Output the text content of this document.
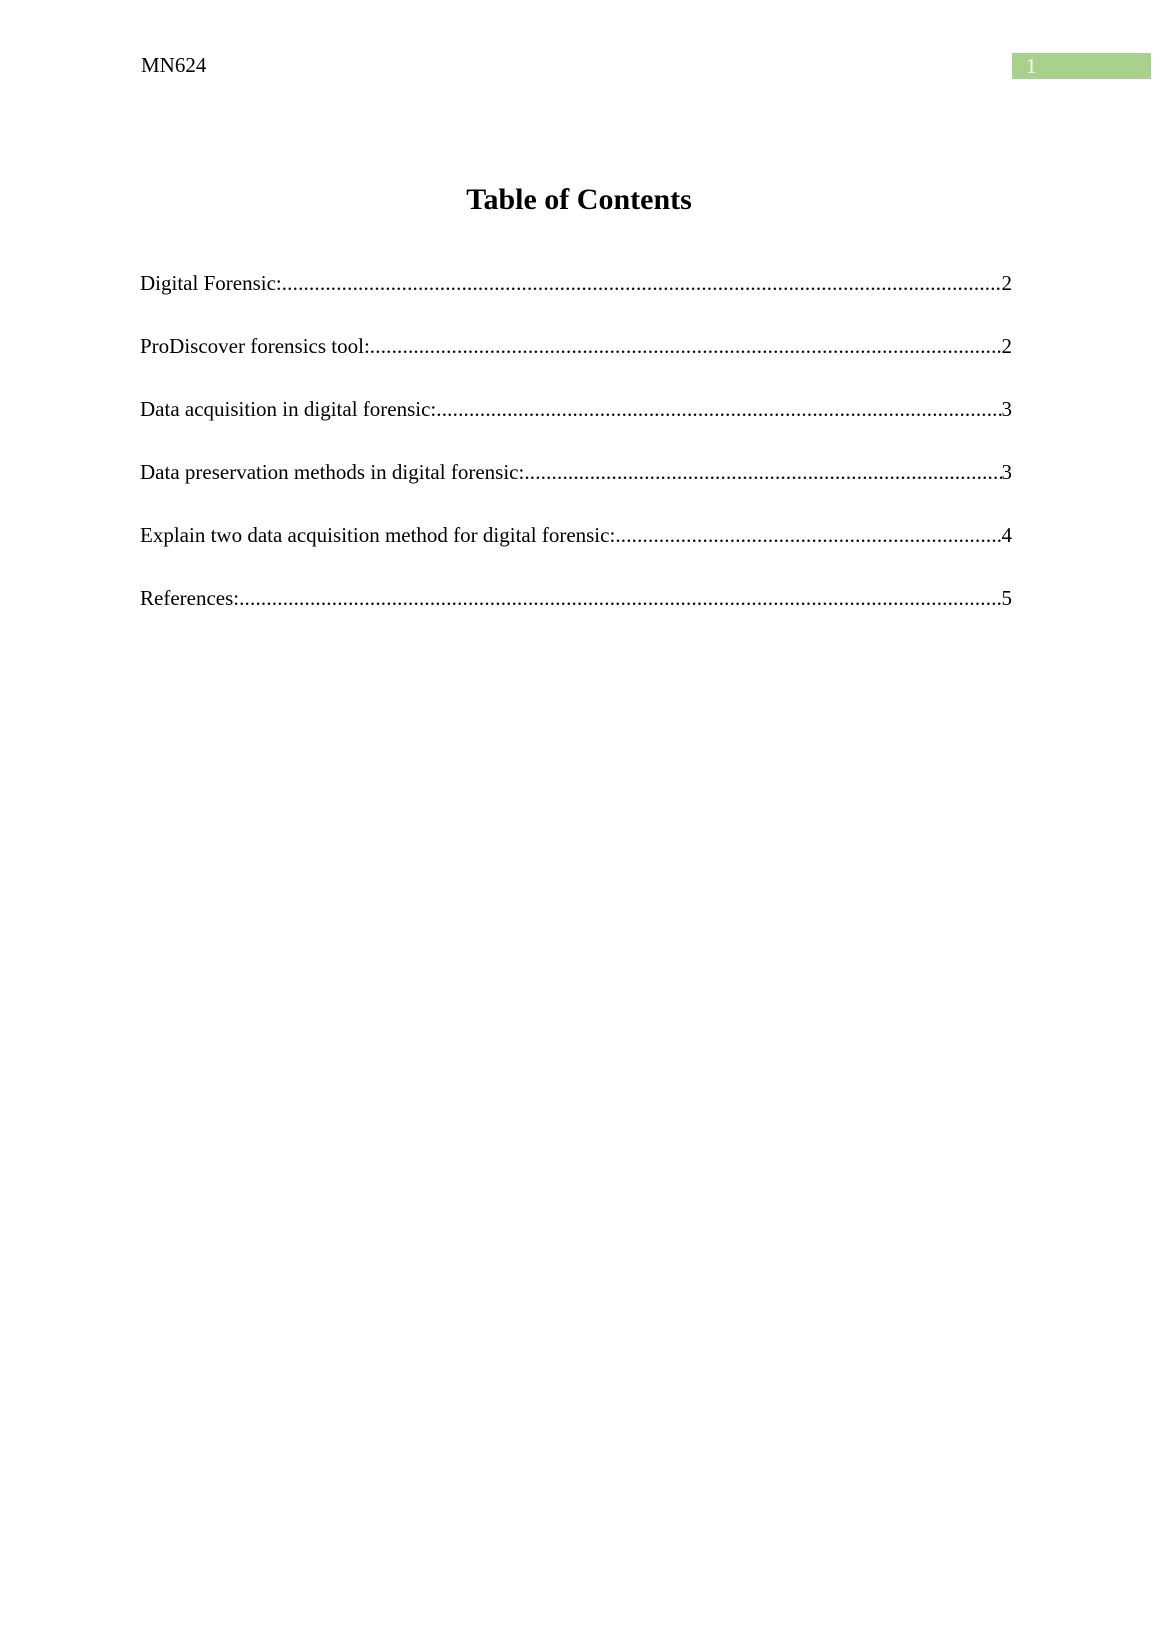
MN624	1
Table of Contents
Digital Forensic: .....	2
ProDiscover forensics tool: .....	2
Data acquisition in digital forensic: .....	3
Data preservation methods in digital forensic: .....	3
Explain two data acquisition method for digital forensic: .....	4
References: .....	5
